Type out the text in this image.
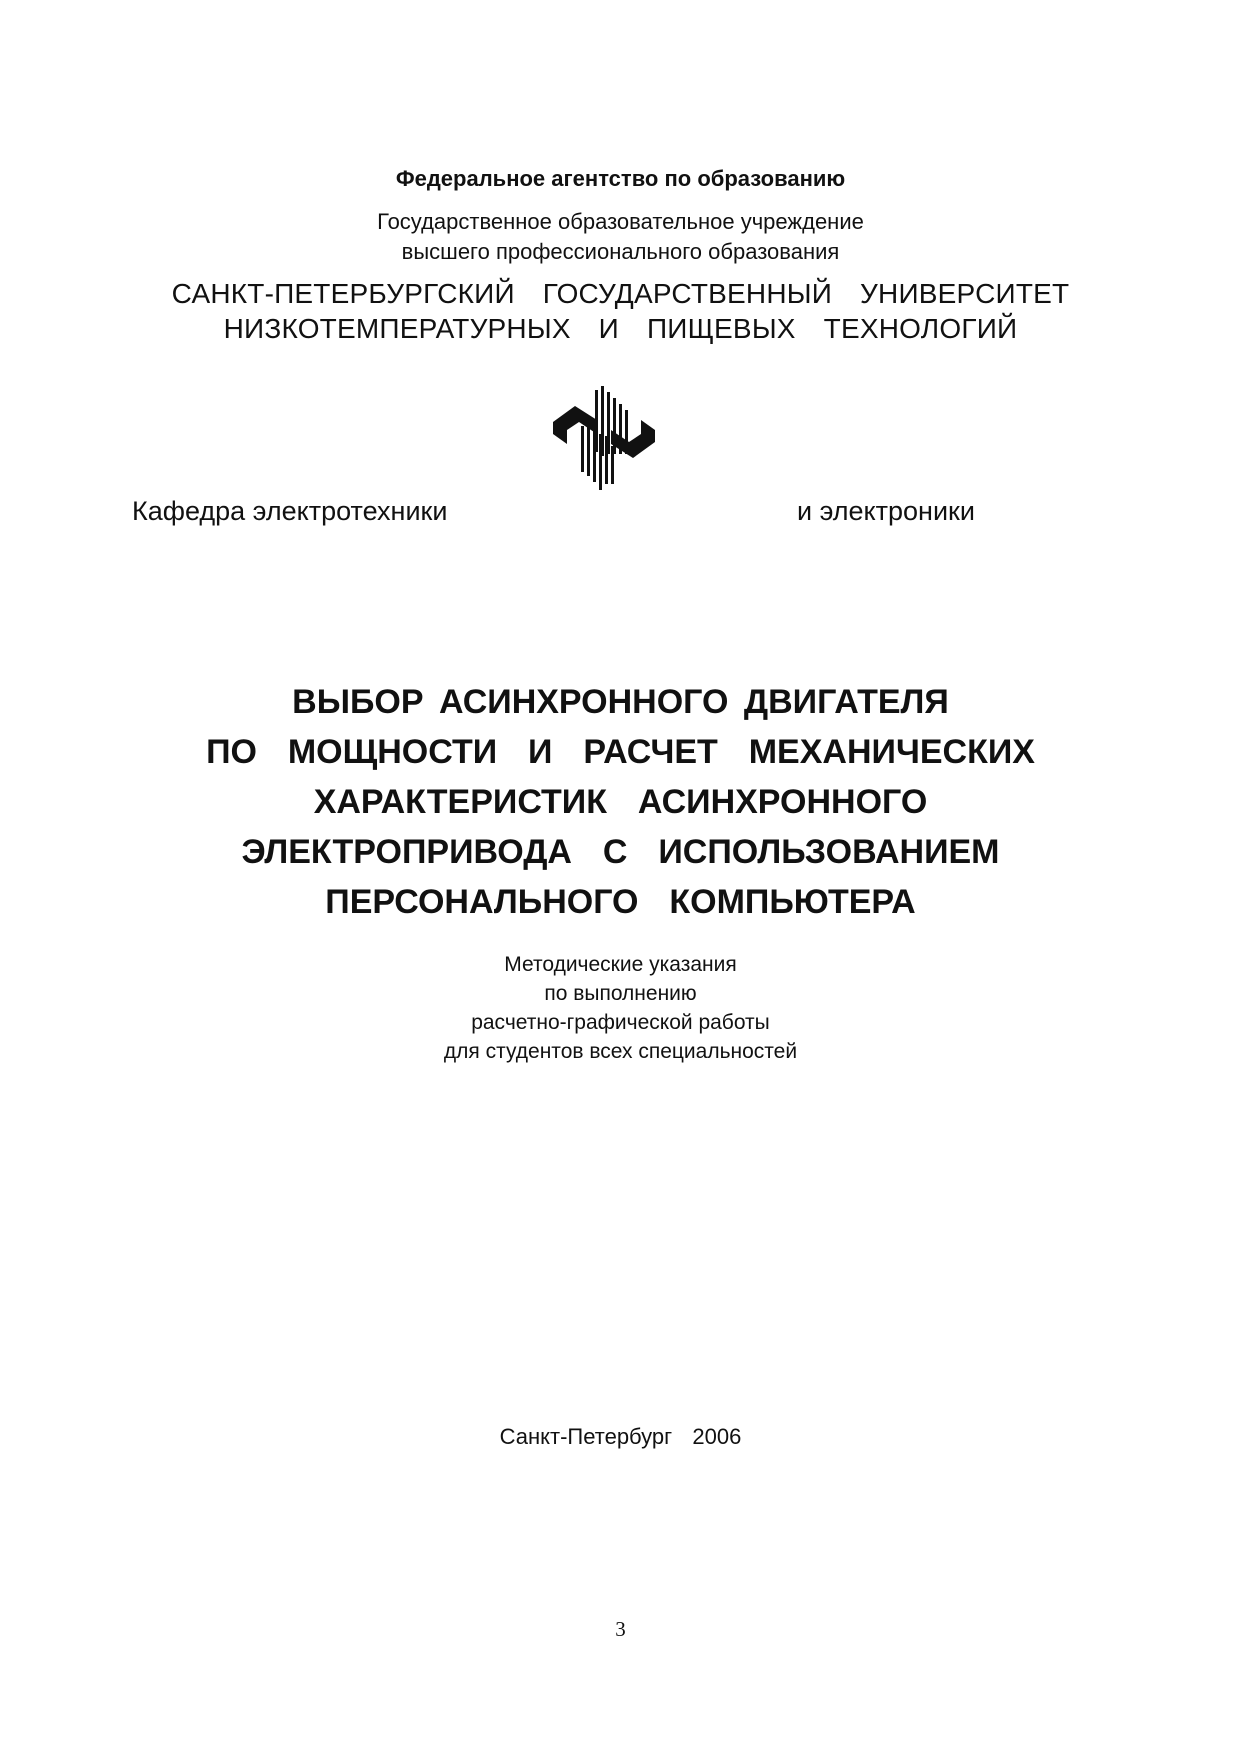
Федеральное агентство по образованию

Государственное образовательное учреждение
высшего профессионального образования

САНКТ-ПЕТЕРБУРГСКИЙ  ГОСУДАРСТВЕННЫЙ  УНИВЕРСИТЕТ
НИЗКОТЕМПЕРАТУРНЫХ  И  ПИЩЕВЫХ  ТЕХНОЛОГИЙ

Кафедра электротехники	и электроники

ВЫБОР АСИНХРОННОГО ДВИГАТЕЛЯ
ПО  МОЩНОСТИ  И  РАСЧЕТ  МЕХАНИЧЕСКИХ
ХАРАКТЕРИСТИК  АСИНХРОННОГО
ЭЛЕКТРОПРИВОДА  С  ИСПОЛЬЗОВАНИЕМ
ПЕРСОНАЛЬНОГО  КОМПЬЮТЕРА

Методические указания
по выполнению
расчетно-графической работы
для студентов всех специальностей

Санкт-Петербург  2006

3
